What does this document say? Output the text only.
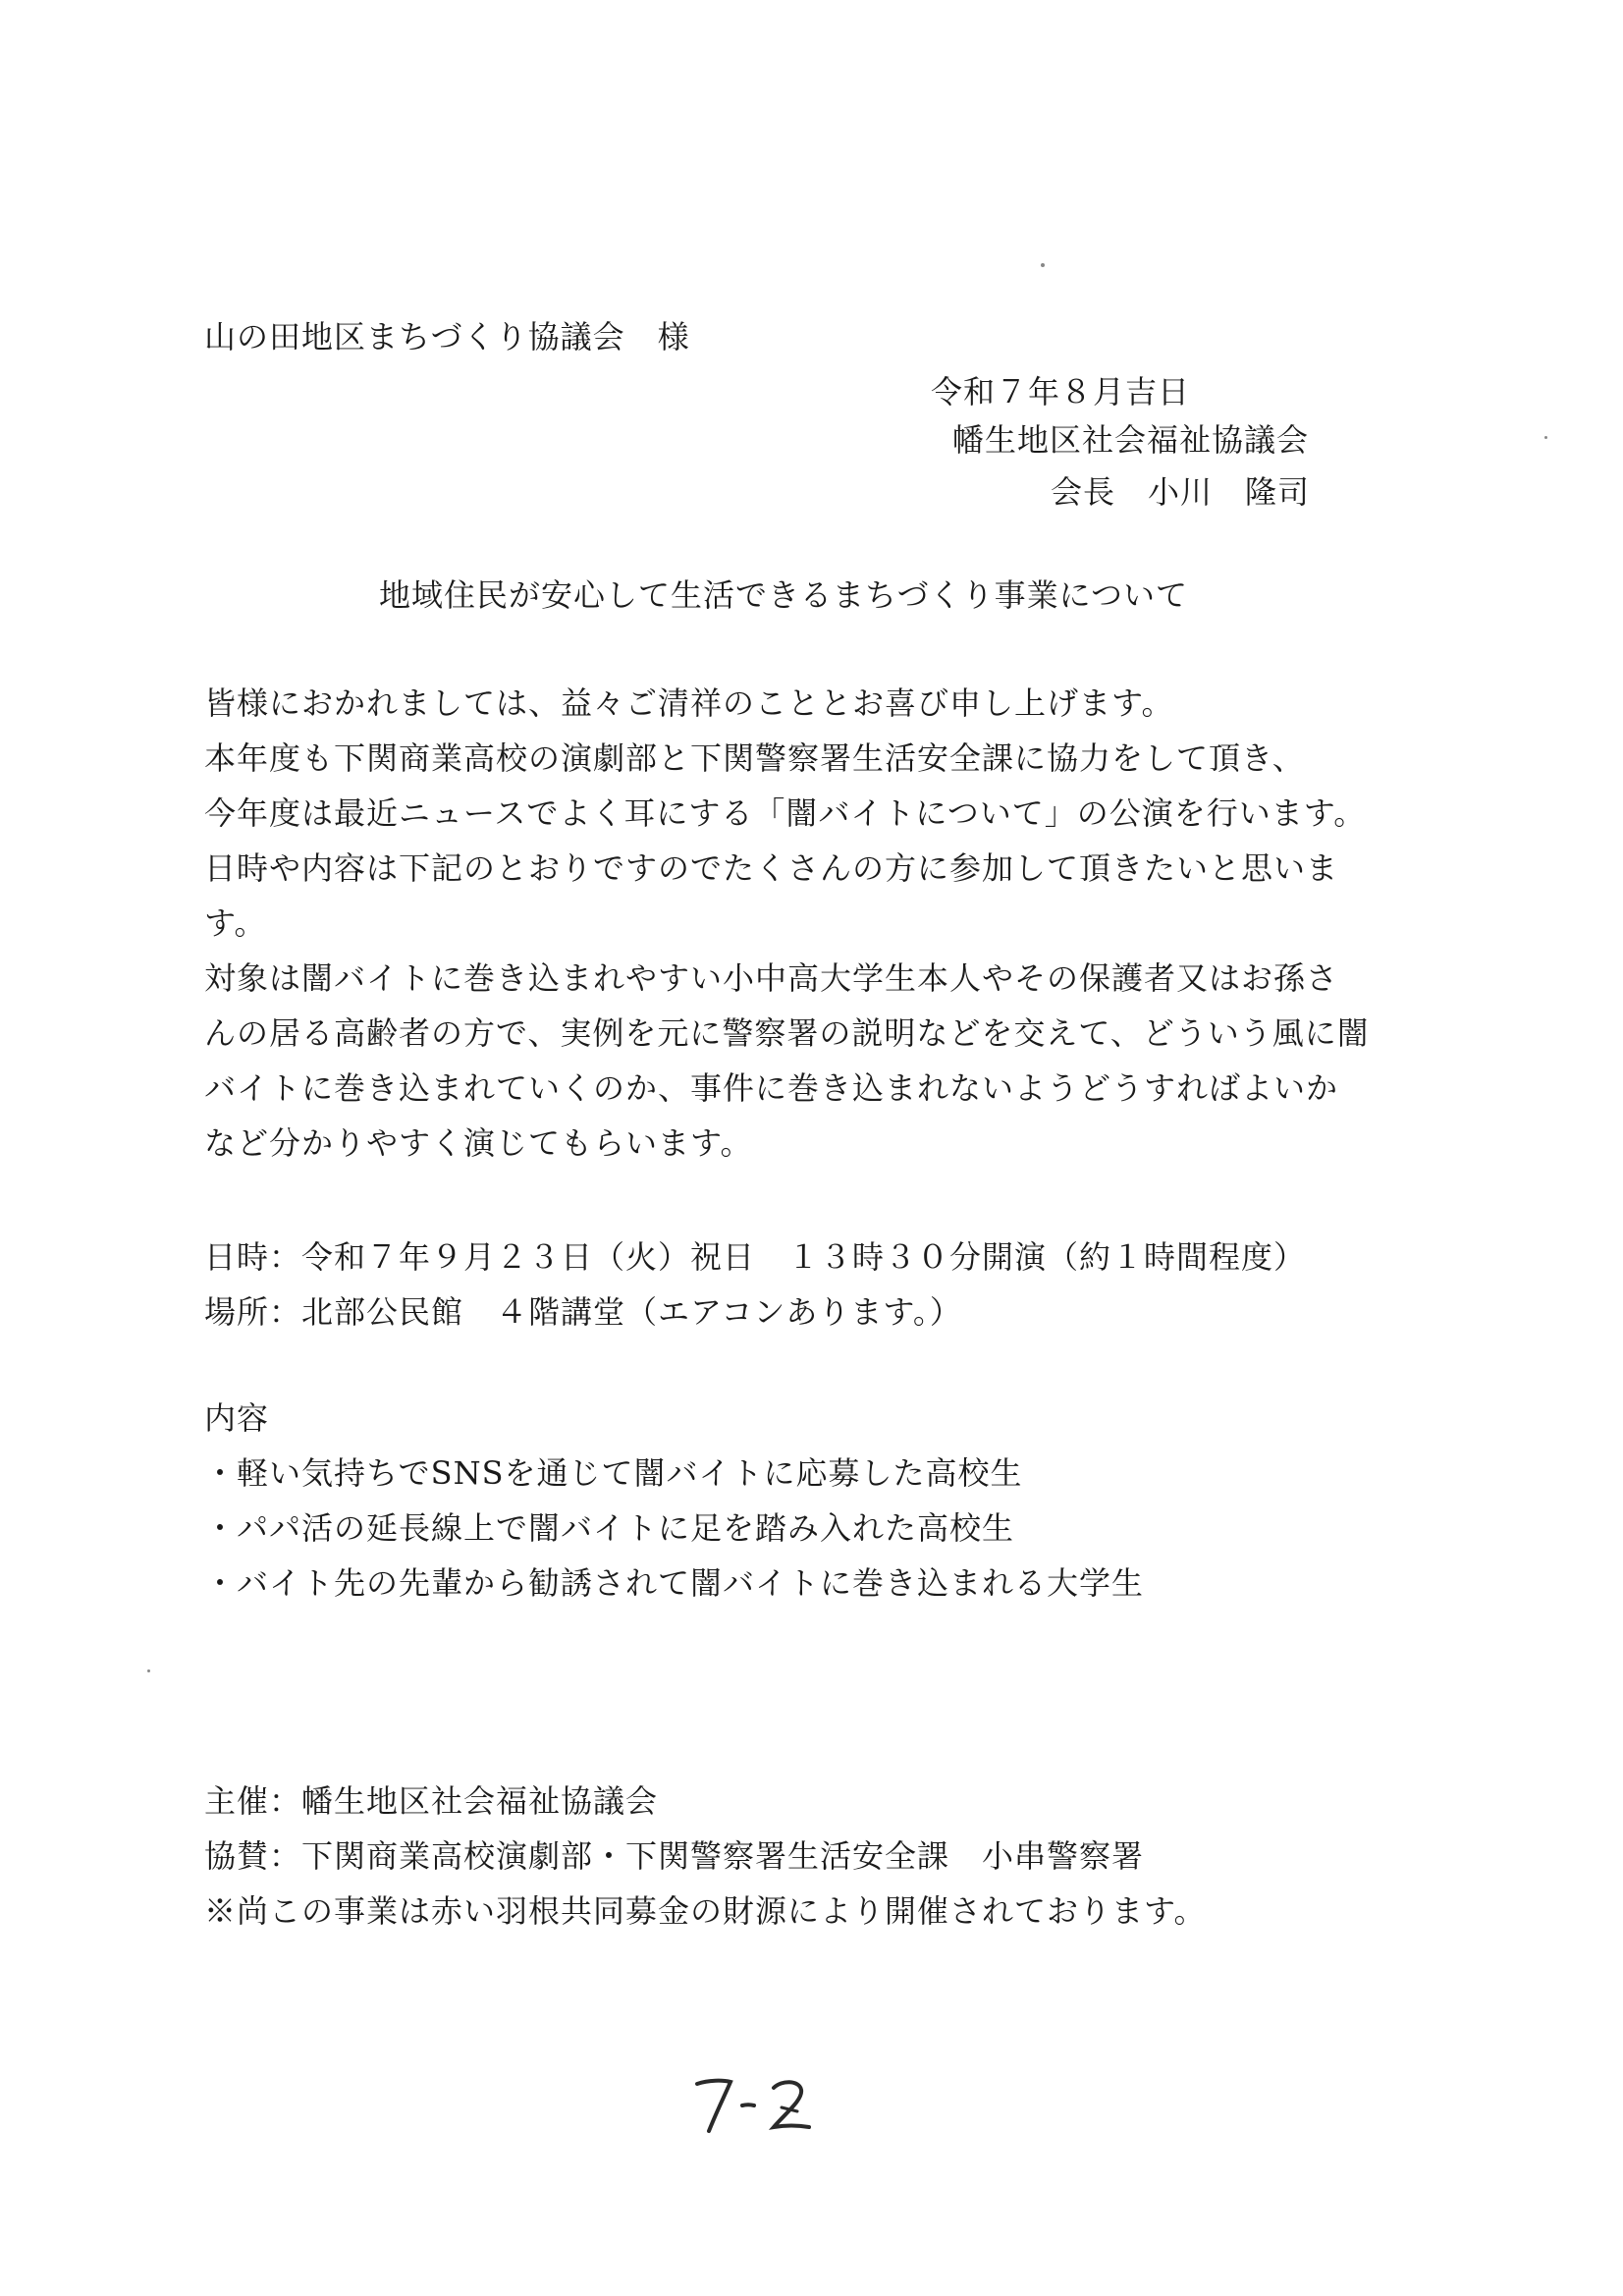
山の田地区まちづくり協議会　様
令和７年８月吉日
幡生地区社会福祉協議会
会長　小川　隆司
地域住民が安心して生活できるまちづくり事業について

皆様におかれましては、益々ご清祥のこととお喜び申し上げます。

本年度も下関商業高校の演劇部と下関警察署生活安全課に協力をして頂き、

今年度は最近ニュースでよく耳にする「闇バイトについて」の公演を行います。

日時や内容は下記のとおりですのでたくさんの方に参加して頂きたいと思いま

す。

対象は闇バイトに巻き込まれやすい小中高大学生本人やその保護者又はお孫さ

んの居る高齢者の方で、実例を元に警察署の説明などを交えて、どういう風に闇

バイトに巻き込まれていくのか、事件に巻き込まれないようどうすればよいか

など分かりやすく演じてもらいます。

日時：令和７年９月２３日（火）祝日　１３時３０分開演（約１時間程度）

場所：北部公民館　４階講堂（エアコンあります。）

内容

・軽い気持ちでSNSを通じて闇バイトに応募した高校生

・パパ活の延長線上で闇バイトに足を踏み入れた高校生

・バイト先の先輩から勧誘されて闇バイトに巻き込まれる大学生

主催：幡生地区社会福祉協議会

協賛：下関商業高校演劇部・下関警察署生活安全課　小串警察署

※尚この事業は赤い羽根共同募金の財源により開催されております。
